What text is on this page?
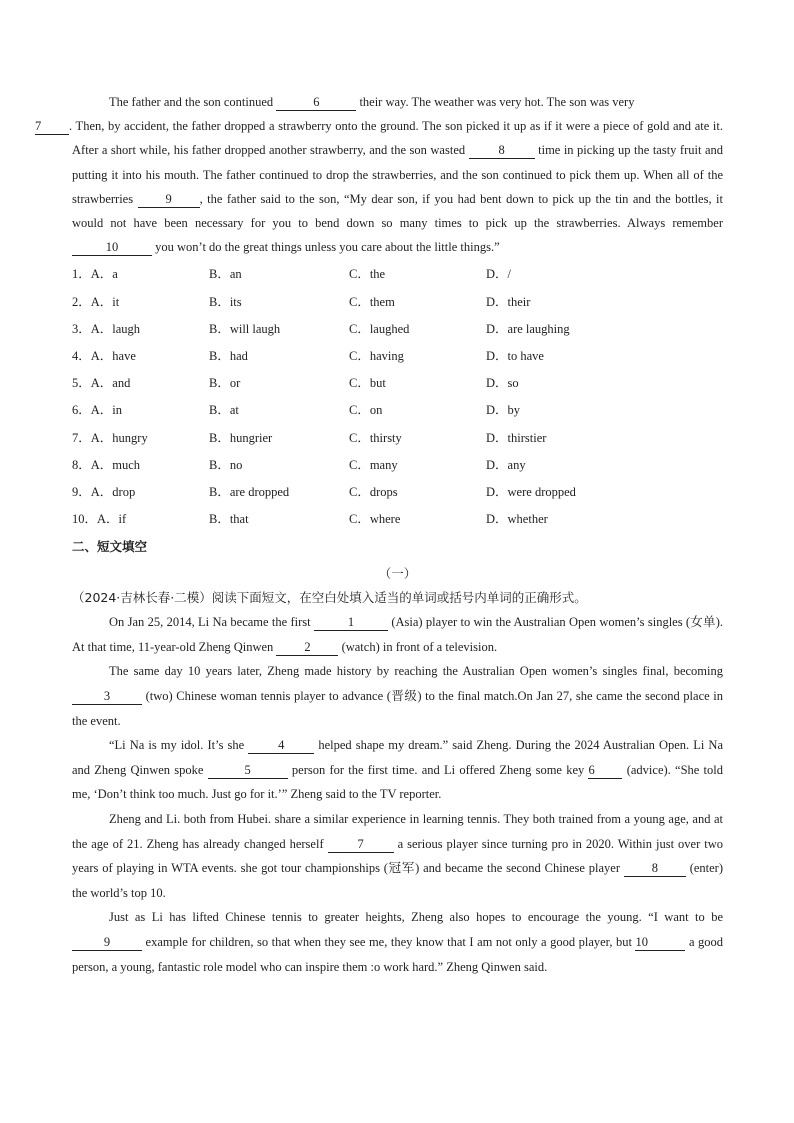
The father and the son continued	6	their way. The weather was very hot. The son was very
7 . Then, by accident, the father dropped a strawberry onto the ground. The son picked it up as if it were a piece of gold and ate it. After a short while, his father dropped another strawberry, and the son wasted	8	time in picking up the tasty fruit and putting it into his mouth. The father continued to drop the strawberries, and the son continued to pick them up. When all of the strawberries	9 , the father said to the son, “My dear son, if you had bent down to pick up the tin and the bottles, it would not have been necessary for you to bend down so many times to pick up the strawberries. Always remember 10	you won’t do the great things unless you care about the little things.”

1．A．a	B．an	C．the	D．/
2．A．it	B．its	C．them	D．their
3．A．laugh	B．will laugh	C．laughed	D．are laughing
4．A．have	B．had	C．having	D．to have
5．A．and	B．or	C．but	D．so
6．A．in	B．at	C．on	D．by
7．A．hungry	B．hungrier	C．thirsty	D．thirstier
8．A．much	B．no	C．many	D．any
9．A．drop	B．are dropped	C．drops	D．were dropped
10．A．if	B．that	C．where	D．whether
二、短文填空
（一）

（2024·吉林长春·二模）阅读下面短文，在空白处填入适当的单词或括号内单词的正确形式。

On Jan 25, 2014, Li Na became the first	1	(Asia) player to win the Australian Open women’s singles (女单). At that time, 11-year-old Zheng Qinwen 2 (watch) in front of a television.

The same day 10 years later, Zheng made history by reaching the Australian Open women’s singles final, becoming 3	(two) Chinese woman tennis player to advance (晋级) to the final match.On Jan 27, she came the second place in the event.

“Li Na is my idol. It’s she	4	helped shape my dream.” said Zheng. During the 2024 Australian Open. Li Na and Zheng Qinwen spoke	5	person for the first time. and Li offered Zheng some key 6	(advice). “She told me, ‘Don’t think too much. Just go for it.’” Zheng said to the TV reporter.

Zheng and Li. both from Hubei. share a similar experience in learning tennis. They both trained from a young age, and at the age of 21. Zheng has already changed herself	7	a serious player since turning pro in 2020. Within just over two years of playing in WTA events. she got tour championships (冠军) and became the second Chinese player	8	(enter) the world’s top 10.

Just as Li has lifted Chinese tennis to greater heights, Zheng also hopes to encourage the young. “I want to be 9	example for children, so that when they see me, they know that I am not only a good player, but 10	a good person, a young, fantastic role model who can inspire them :o work hard.” Zheng Qinwen said.
